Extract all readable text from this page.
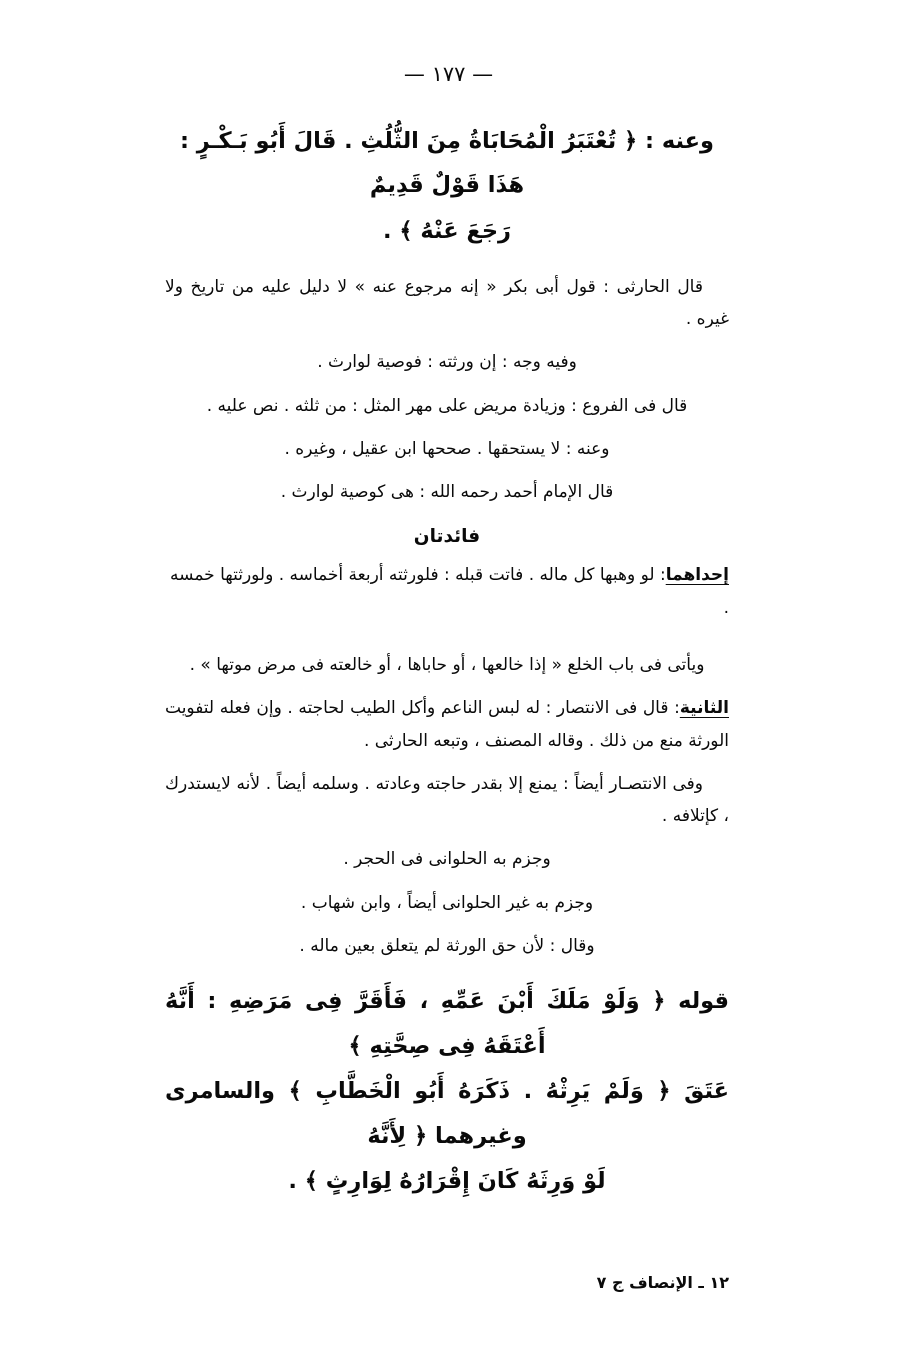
— ١٧٧ —
وعنه : ﴿ تُعْتَبَرُ الْمُحَابَاةُ مِنَ الثُّلُثِ . قَالَ أَبُو بَـكْـرٍ : هَذَا قَوْلٌ قَدِيمٌ
رَجَعَ عَنْهُ ﴾ .

قال الحارثى : قول أبى بكر « إنه مرجوع عنه » لا دليل عليه من تاريخ ولا غيره .

وفيه وجه : إن ورثته : فوصية لوارث .

قال فى الفروع : وزيادة مريض على مهر المثل : من ثلثه . نص عليه .

وعنه : لا يستحقها . صححها ابن عقيل ، وغيره .

قال الإمام أحمد رحمه الله : هى كوصية لوارث .

فائدتان

إحداهما: لو وهبها كل ماله . فاتت قبله : فلورثته أربعة أخماسه . ولورثتها خمسه .

ويأتى فى باب الخلع « إذا خالعها ، أو حاباها ، أو خالعته فى مرض موتها » .

الثانية: قال فى الانتصار : له لبس الناعم وأكل الطيب لحاجته . وإن فعله لتفويت الورثة منع من ذلك . وقاله المصنف ، وتبعه الحارثى .

وفى الانتصـار أيضاً : يمنع إلا بقدر حاجته وعادته . وسلمه أيضاً . لأنه لايستدرك ، كإتلافه .

وجزم به الحلوانى فى الحجر .

وجزم به غير الحلوانى أيضاً ، وابن شهاب .

وقال : لأن حق الورثة لم يتعلق بعين ماله .

قوله ﴿ وَلَوْ مَلَكَ أَبْنَ عَمِّهِ ، فَأَقَرَّ فِى مَرَضِهِ : أَنَّهُ أَعْتَقَهُ فِى صِحَّتِهِ ﴾
عَتَقَ ﴿ وَلَمْ يَرِثْهُ . ذَكَرَهُ أَبُو الْخَطَّابِ ﴾ والسامرى وغيرهما ﴿ لِأَنَّهُ
لَوْ وَرِثَهُ كَانَ إِقْرَارُهُ لِوَارِثٍ ﴾ .
١٢ ـ الإنصاف ج ٧
